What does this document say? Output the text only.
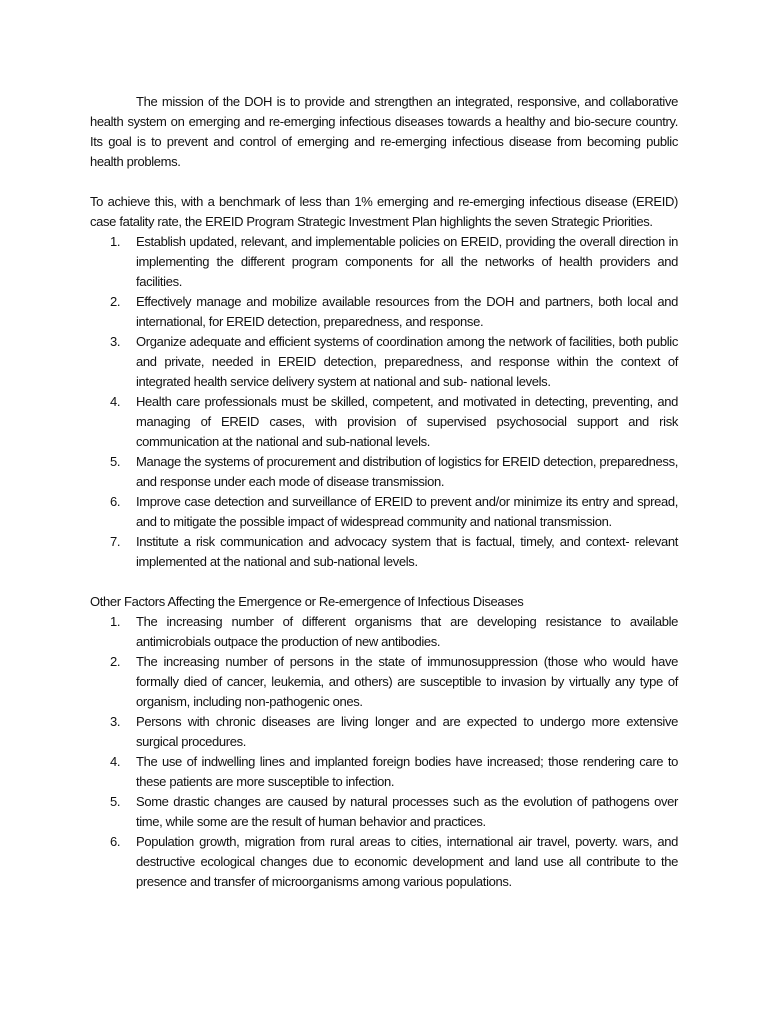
The mission of the DOH is to provide and strengthen an integrated, responsive, and collaborative health system on emerging and re-emerging infectious diseases towards a healthy and bio-secure country. Its goal is to prevent and control of emerging and re-emerging infectious disease from becoming public health problems.

To achieve this, with a benchmark of less than 1% emerging and re-emerging infectious disease (EREID) case fatality rate, the EREID Program Strategic Investment Plan highlights the seven Strategic Priorities.

1. Establish updated, relevant, and implementable policies on EREID, providing the overall direction in implementing the different program components for all the networks of health providers and facilities.
2. Effectively manage and mobilize available resources from the DOH and partners, both local and international, for EREID detection, preparedness, and response.
3. Organize adequate and efficient systems of coordination among the network of facilities, both public and private, needed in EREID detection, preparedness, and response within the context of integrated health service delivery system at national and sub- national levels.
4. Health care professionals must be skilled, competent, and motivated in detecting, preventing, and managing of EREID cases, with provision of supervised psychosocial support and risk communication at the national and sub-national levels.
5. Manage the systems of procurement and distribution of logistics for EREID detection, preparedness, and response under each mode of disease transmission.
6. Improve case detection and surveillance of EREID to prevent and/or minimize its entry and spread, and to mitigate the possible impact of widespread community and national transmission.
7. Institute a risk communication and advocacy system that is factual, timely, and context- relevant implemented at the national and sub-national levels.

Other Factors Affecting the Emergence or Re-emergence of Infectious Diseases

1. The increasing number of different organisms that are developing resistance to available antimicrobials outpace the production of new antibodies.
2. The increasing number of persons in the state of immunosuppression (those who would have formally died of cancer, leukemia, and others) are susceptible to invasion by virtually any type of organism, including non-pathogenic ones.
3. Persons with chronic diseases are living longer and are expected to undergo more extensive surgical procedures.
4. The use of indwelling lines and implanted foreign bodies have increased; those rendering care to these patients are more susceptible to infection.
5. Some drastic changes are caused by natural processes such as the evolution of pathogens over time, while some are the result of human behavior and practices.
6. Population growth, migration from rural areas to cities, international air travel, poverty. wars, and destructive ecological changes due to economic development and land use all contribute to the presence and transfer of microorganisms among various populations.
